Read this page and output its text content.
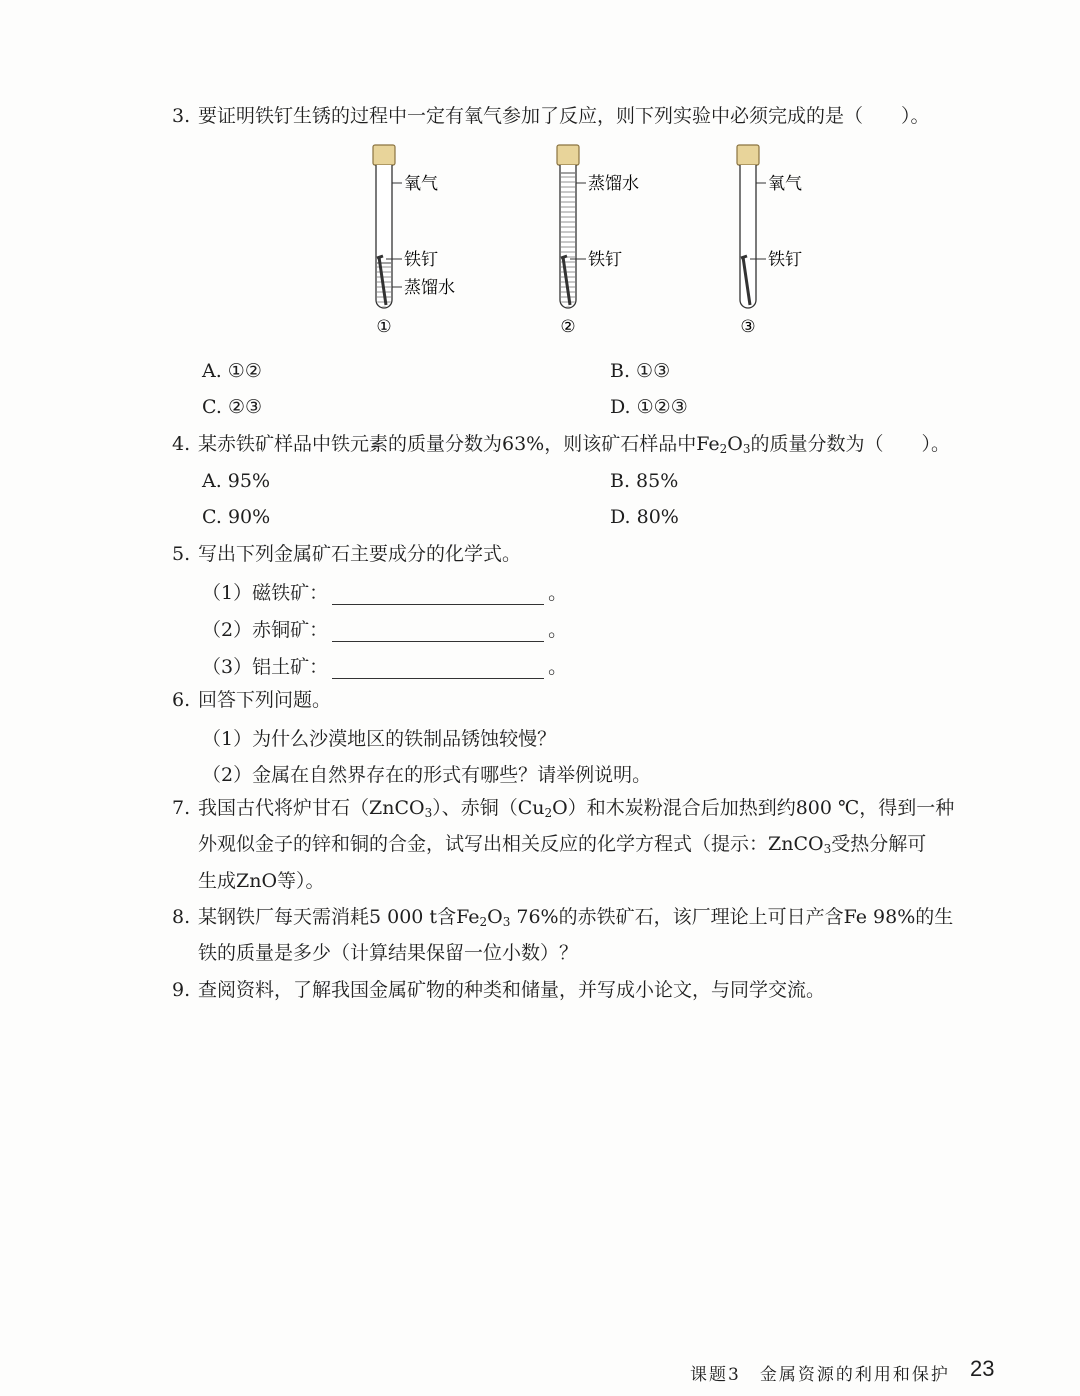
3. 要证明铁钉生锈的过程中一定有氧气参加了反应，则下列实验中必须完成的是（　　）。
氧气
铁钉
蒸馏水
①
蒸馏水
铁钉
②
氧气
铁钉
③
A. ①②	B. ①③
C. ②③	D. ①②③
4. 某赤铁矿样品中铁元素的质量分数为63%，则该矿石样品中$Fe_2O_3$的质量分数为（　　）。
A. 95%	B. 85%
C. 90%	D. 80%
5. 写出下列金属矿石主要成分的化学式。
（1）磁铁矿：	。
（2）赤铜矿：	。
（3）铝土矿：	。
6. 回答下列问题。
（1）为什么沙漠地区的铁制品锈蚀较慢？
（2）金属在自然界存在的形式有哪些？请举例说明。
7. 我国古代将炉甘石（ZnCO$_3$）、赤铜$(Cu_2O)$和木炭粉混合后加热到约800 ℃，得到一种
外观似金子的锌和铜的合金，试写出相关反应的化学方程式（提示：ZnCO$_3$受热分解可
生成ZnO等）。
8. 某钢铁厂每天需消耗5 000 t含$Fe_2O_3$ 76%的赤铁矿石，该厂理论上可日产含Fe 98%的生
铁的质量是多少（计算结果保留一位小数）？
9. 查阅资料，了解我国金属矿物的种类和储量，并写成小论文，与同学交流。
课题3　金属资源的利用和保护 23
